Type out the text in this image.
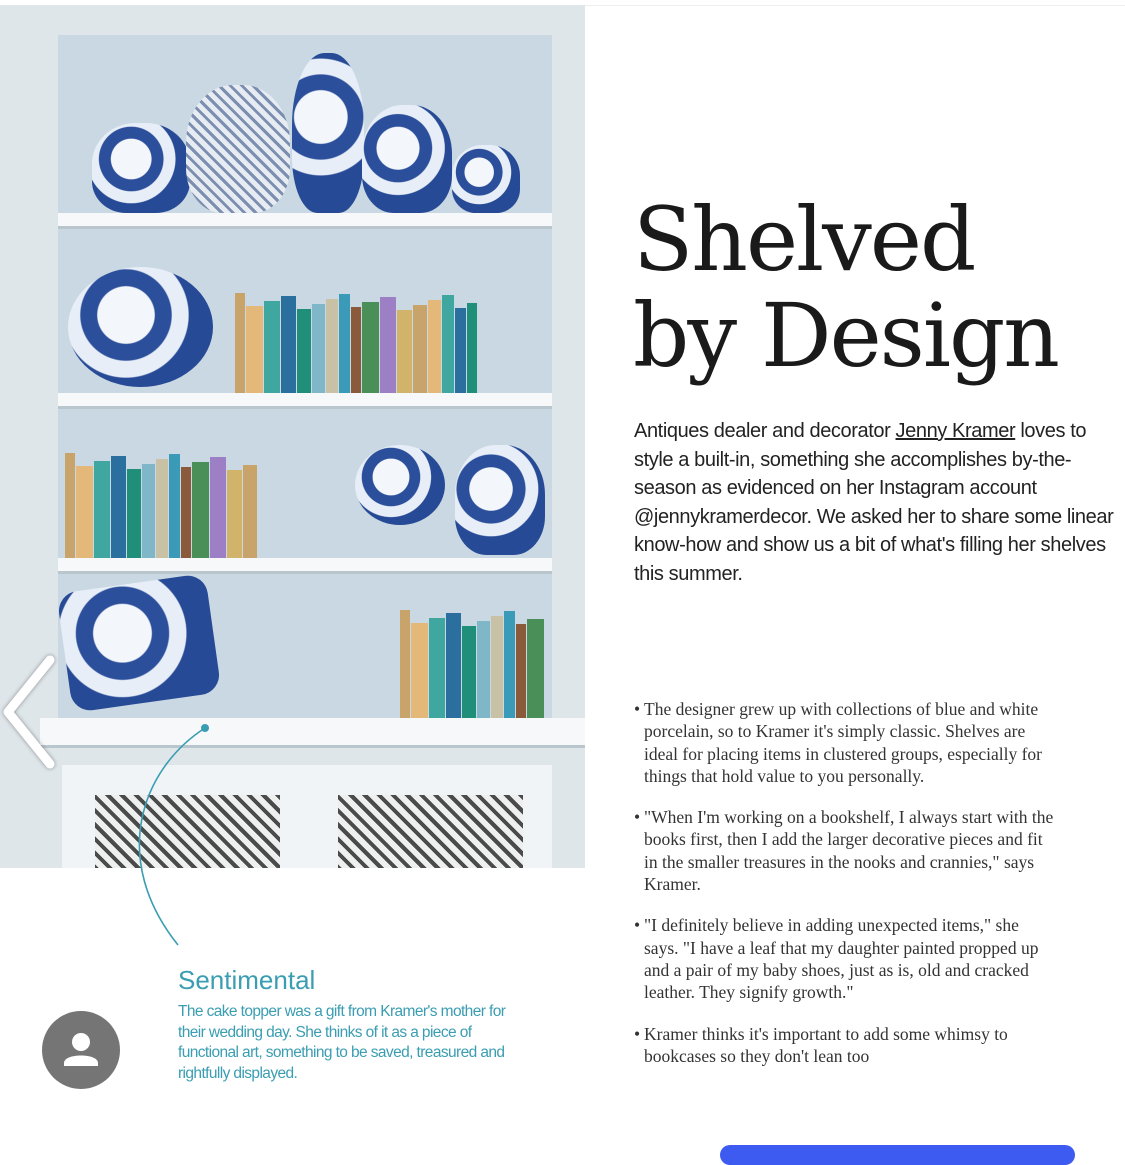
Shelved
by Design
Antiques dealer and decorator Jenny Kramer loves to style a built-in, something she accomplishes by-the-season as evidenced on her Instagram account @jennykramerdecor. We asked her to share some linear know-how and show us a bit of what's filling her shelves this summer.
• The designer grew up with collections of blue and white porcelain, so to Kramer it's simply classic. Shelves are ideal for placing items in clustered groups, especially for things that hold value to you personally.
• "When I'm working on a bookshelf, I always start with the books first, then I add the larger decorative pieces and fit in the smaller treasures in the nooks and crannies," says Kramer.
• "I definitely believe in adding unexpected items," she says. "I have a leaf that my daughter painted propped up and a pair of my baby shoes, just as is, old and cracked leather. They signify growth."
• Kramer thinks it's important to add some whimsy to bookcases so they don't lean too
Sentimental

The cake topper was a gift from Kramer's mother for their wedding day. She thinks of it as a piece of functional art, something to be saved, treasured and rightfully displayed.
